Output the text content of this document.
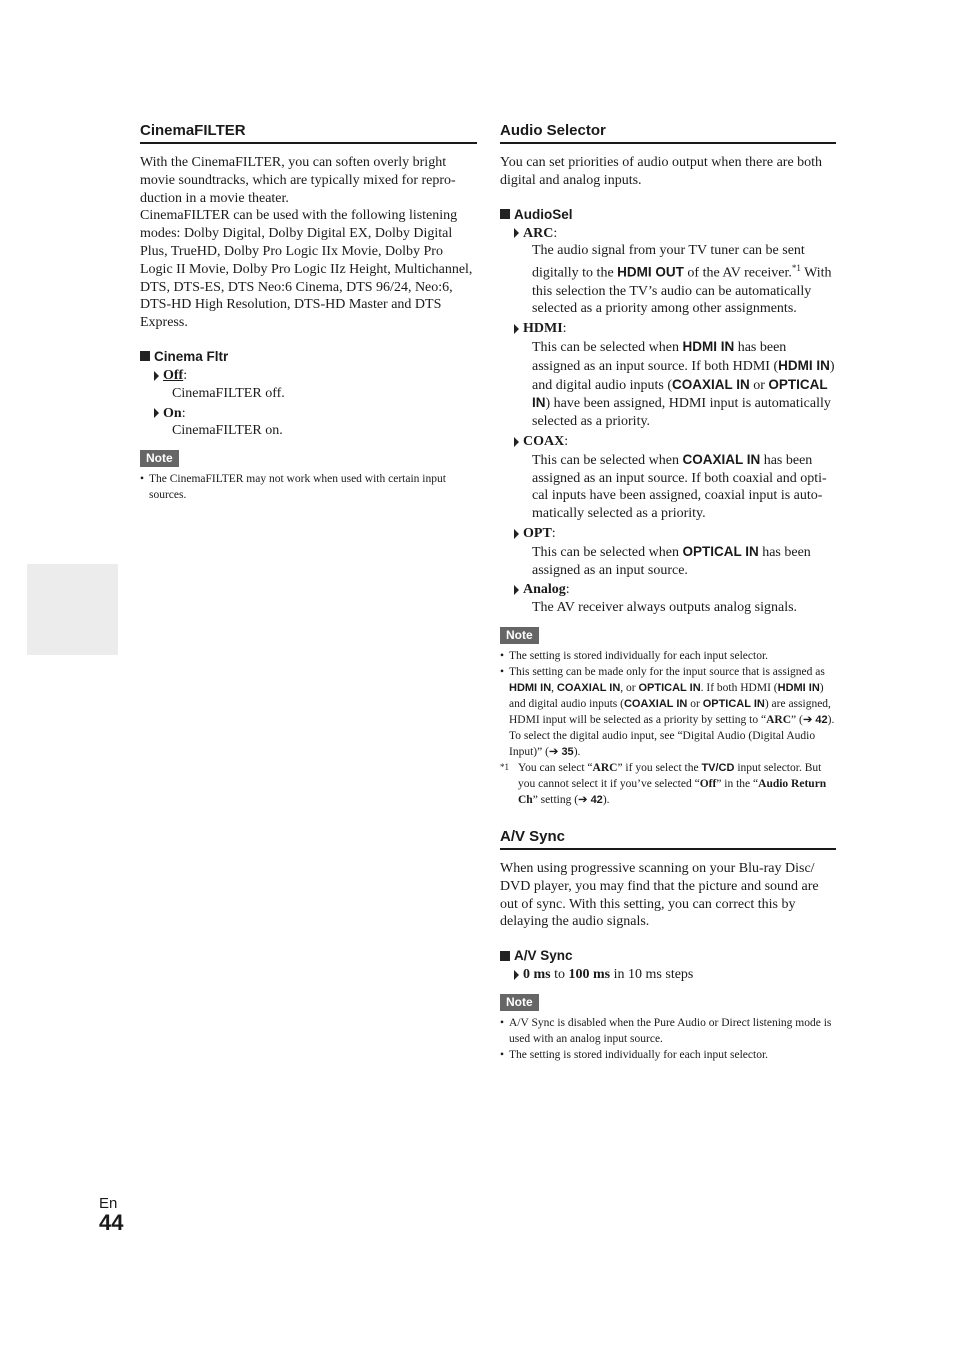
CinemaFILTER

With the CinemaFILTER, you can soften overly bright movie soundtracks, which are typically mixed for reproduction in a movie theater.

CinemaFILTER can be used with the following listening modes: Dolby Digital, Dolby Digital EX, Dolby Digital Plus, TrueHD, Dolby Pro Logic IIx Movie, Dolby Pro Logic II Movie, Dolby Pro Logic IIz Height, Multichannel, DTS, DTS-ES, DTS Neo:6 Cinema, DTS 96/24, Neo:6, DTS-HD High Resolution, DTS-HD Master and DTS Express.

Cinema Fltr
Off :
CinemaFILTER off.
On :
CinemaFILTER on.
Note
• The CinemaFILTER may not work when used with certain input sources.
Audio Selector

You can set priorities of audio output when there are both digital and analog inputs.

AudioSel
ARC :
The audio signal from your TV tuner can be sent digitally to the HDMI OUT of the AV receiver.$^{*1}$ With this selection the TV’s audio can be automatically selected as a priority among other assignments.
HDMI :
This can be selected when HDMI IN has been assigned as an input source. If both HDMI (HDMI IN) and digital audio inputs (COAXIAL IN or OPTICAL IN) have been assigned, HDMI input is automatically selected as a priority.
COAX :
This can be selected when COAXIAL IN has been assigned as an input source. If both coaxial and optical inputs have been assigned, coaxial input is automatically selected as a priority.
OPT :
This can be selected when OPTICAL IN has been assigned as an input source.
Analog :
The AV receiver always outputs analog signals.
Note
• The setting is stored individually for each input selector.
• This setting can be made only for the input source that is assigned as HDMI IN, COAXIAL IN, or OPTICAL IN. If both HDMI (HDMI IN) and digital audio inputs (COAXIAL IN or OPTICAL IN) are assigned, HDMI input will be selected as a priority by setting to “ARC” (➔ 42). To select the digital audio input, see “Digital Audio (Digital Audio Input)” (➔ 35).
*1 You can select “ARC” if you select the TV/CD input selector. But you cannot select it if you’ve selected “Off” in the “Audio Return Ch” setting (➔ 42).
A/V Sync

When using progressive scanning on your Blu-ray Disc/ DVD player, you may find that the picture and sound are out of sync. With this setting, you can correct this by delaying the audio signals.

A/V Sync
0 ms to 100 ms in 10 ms steps
Note
• A/V Sync is disabled when the Pure Audio or Direct listening mode is used with an analog input source.
• The setting is stored individually for each input selector.
En
44
